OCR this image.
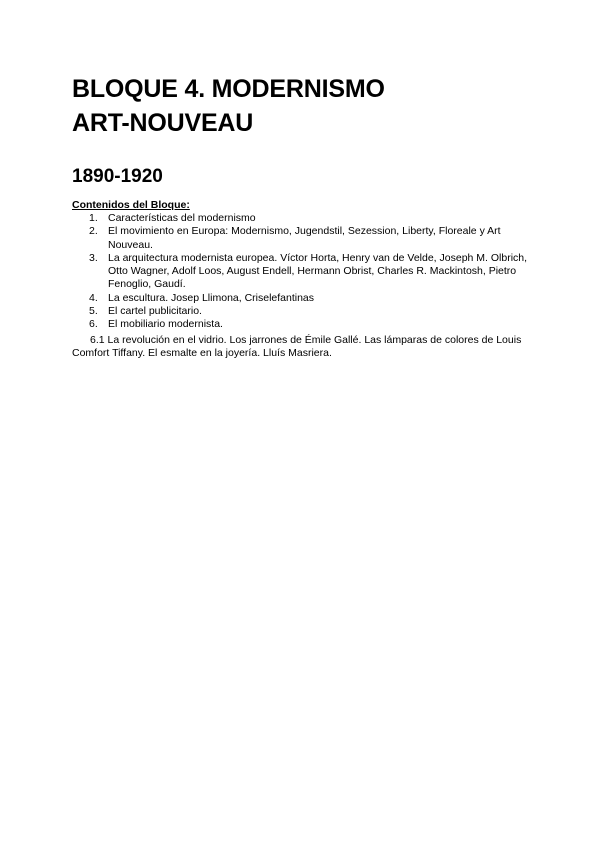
BLOQUE 4. MODERNISMO
ART-NOUVEAU
1890-1920
Contenidos del Bloque:
1. Características del modernismo
2. El movimiento en Europa: Modernismo, Jugendstil, Sezession, Liberty, Floreale y Art Nouveau.
3. La arquitectura modernista europea. Víctor Horta, Henry van de Velde, Joseph M. Olbrich, Otto Wagner, Adolf Loos, August Endell, Hermann Obrist, Charles R. Mackintosh, Pietro Fenoglio, Gaudí.
4. La escultura. Josep Llimona, Criselefantinas
5. El cartel publicitario.
6. El mobiliario modernista.

6.1 La revolución en el vidrio. Los jarrones de Émile Gallé. Las lámparas de colores de Louis Comfort Tiffany. El esmalte en la joyería. Lluís Masriera.
